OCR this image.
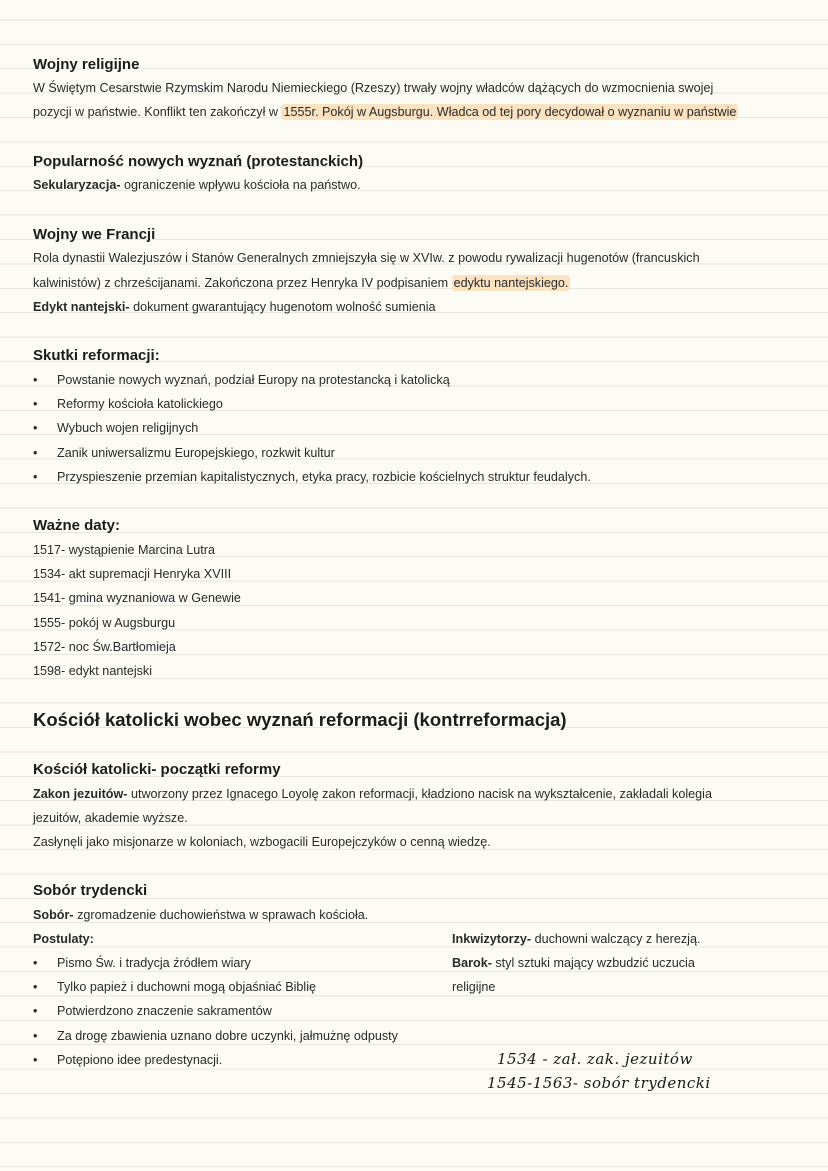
Wojny religijne
W Świętym Cesarstwie Rzymskim Narodu Niemieckiego (Rzeszy) trwały wojny władców dążących do wzmocnienia swojej
pozycji w państwie. Konflikt ten zakończył w 1555r. Pokój w Augsburgu. Władca od tej pory decydował o wyznaniu w państwie
Popularność nowych wyznań (protestanckich)
Sekularyzacja- ograniczenie wpływu kościoła na państwo.
Wojny we Francji
Rola dynastii Walezjuszów i Stanów Generalnych zmniejszyła się w XVIw. z powodu rywalizacji hugenotów (francuskich
kalwinistów) z chrześcijanami. Zakończona przez Henryka IV podpisaniem edyktu nantejskiego.
Edykt nantejski- dokument gwarantujący hugenotom wolność sumienia
Skutki reformacji:
• Powstanie nowych wyznań, podział Europy na protestancką i katolicką
• Reformy kościoła katolickiego
• Wybuch wojen religijnych
• Zanik uniwersalizmu Europejskiego, rozkwit kultur
• Przyspieszenie przemian kapitalistycznych, etyka pracy, rozbicie kościelnych struktur feudalych.
Ważne daty:
1517- wystąpienie Marcina Lutra
1534- akt supremacji Henryka XVIII
1541- gmina wyznaniowa w Genewie
1555- pokój w Augsburgu
1572- noc Św.Bartłomieja
1598- edykt nantejski
Kościół katolicki wobec wyznań reformacji (kontrreformacja)
Kościół katolicki- początki reformy
Zakon jezuitów- utworzony przez Ignacego Loyolę zakon reformacji, kładziono nacisk na wykształcenie, zakładali kolegia
jezuitów, akademie wyższe.
Zasłynęli jako misjonarze w koloniach, wzbogacili Europejczyków o cenną wiedzę.
Sobór trydencki
Sobór- zgromadzenie duchowieństwa w sprawach kościoła.
Postulaty:
• Pismo Św. i tradycja źródłem wiary
• Tylko papież i duchowni mogą objaśniać Biblię
• Potwierdzono znaczenie sakramentów
• Za drogę zbawienia uznano dobre uczynki, jałmużnę odpusty
• Potępiono idee predestynacji.
Inkwizytorzy- duchowni walczący z herezją.
Barok- styl sztuki mający wzbudzić uczucia
religijne
1534 - zał. zak. jezuitów
1545-1563- sobór trydencki
